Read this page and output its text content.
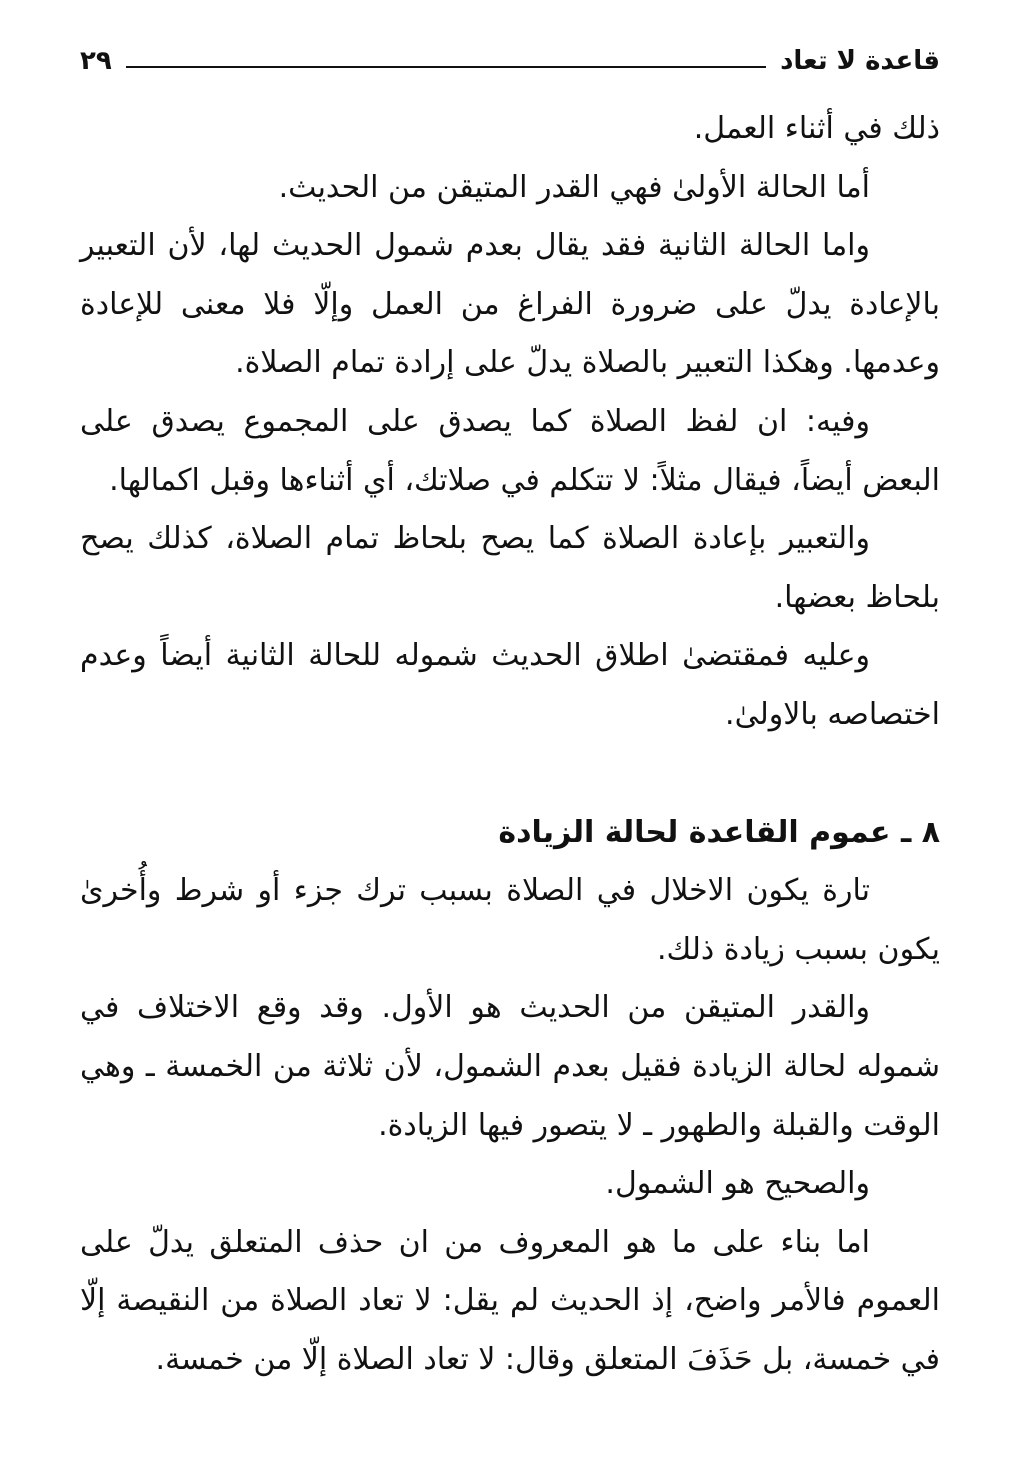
قاعدة لا تعاد
٢٩

ذلك في أثناء العمل.

أما الحالة الأولىٰ فهي القدر المتيقن من الحديث.

واما الحالة الثانية فقد يقال بعدم شمول الحديث لها، لأن التعبير بالإعادة يدلّ على ضرورة الفراغ من العمل وإلّا فلا معنى للإعادة وعدمها. وهكذا التعبير بالصلاة يدلّ على إرادة تمام الصلاة.

وفيه: ان لفظ الصلاة كما يصدق على المجموع يصدق على البعض أيضاً، فيقال مثلاً: لا تتكلم في صلاتك، أي أثناءها وقبل اكمالها.

والتعبير بإعادة الصلاة كما يصح بلحاظ تمام الصلاة، كذلك يصح بلحاظ بعضها.

وعليه فمقتضىٰ اطلاق الحديث شموله للحالة الثانية أيضاً وعدم اختصاصه بالاولىٰ.

٨ ـ عموم القاعدة لحالة الزيادة

تارة يكون الاخلال في الصلاة بسبب ترك جزء أو شرط وأُخرىٰ يكون بسبب زيادة ذلك.

والقدر المتيقن من الحديث هو الأول. وقد وقع الاختلاف في شموله لحالة الزيادة فقيل بعدم الشمول، لأن ثلاثة من الخمسة ـ وهي الوقت والقبلة والطهور ـ لا يتصور فيها الزيادة.

والصحيح هو الشمول.

اما بناء على ما هو المعروف من ان حذف المتعلق يدلّ على العموم فالأمر واضح، إذ الحديث لم يقل: لا تعاد الصلاة من النقيصة إلّا في خمسة، بل حَذَفَ المتعلق وقال: لا تعاد الصلاة إلّا من خمسة.
